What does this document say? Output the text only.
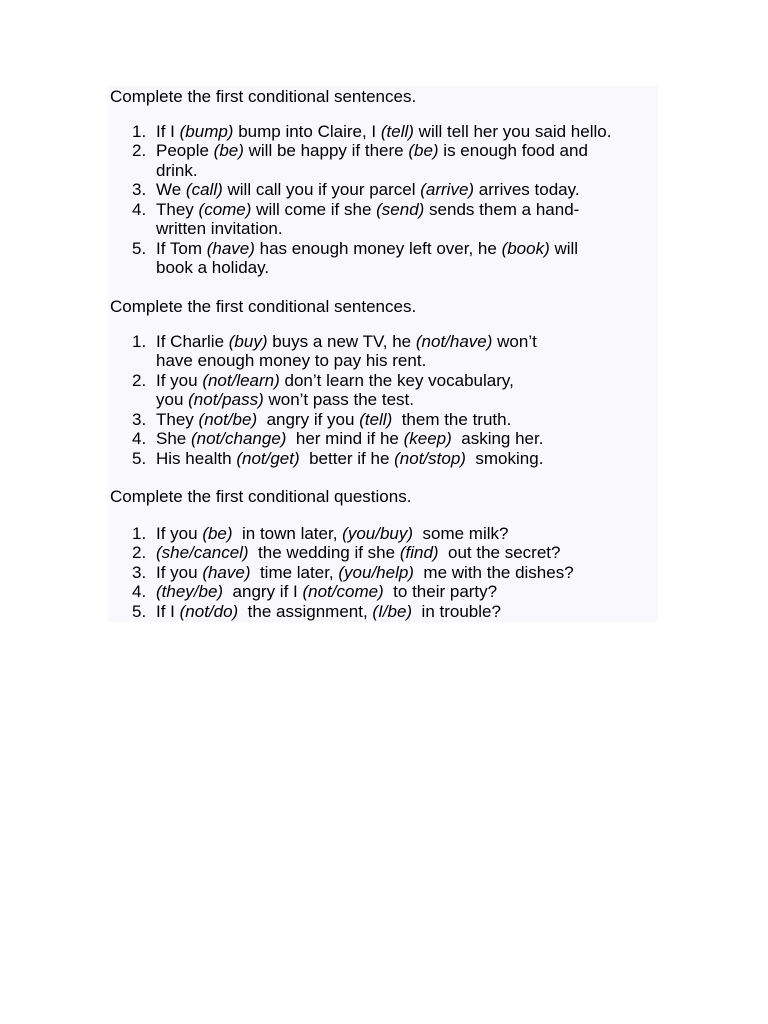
Complete the first conditional sentences.

1. If I (bump) bump into Claire, I (tell) will tell her you said hello.
2. People (be) will be happy if there (be) is enough food and
drink.
3. We (call) will call you if your parcel (arrive) arrives today.
4. They (come) will come if she (send) sends them a hand-
written invitation.
5. If Tom (have) has enough money left over, he (book) will
book a holiday.

Complete the first conditional sentences.

1. If Charlie (buy) buys a new TV, he (not/have) won’t
have enough money to pay his rent.
2. If you (not/learn) don’t learn the key vocabulary,
you (not/pass) won’t pass the test.
3. They (not/be)  angry if you (tell)  them the truth.
4. She (not/change)  her mind if he (keep)  asking her.
5. His health (not/get)  better if he (not/stop)  smoking.

Complete the first conditional questions.

1. If you (be)  in town later, (you/buy)  some milk?
2. (she/cancel)  the wedding if she (find)  out the secret?
3. If you (have)  time later, (you/help)  me with the dishes?
4. (they/be)  angry if I (not/come)  to their party?
5. If I (not/do)  the assignment, (I/be)  in trouble?
